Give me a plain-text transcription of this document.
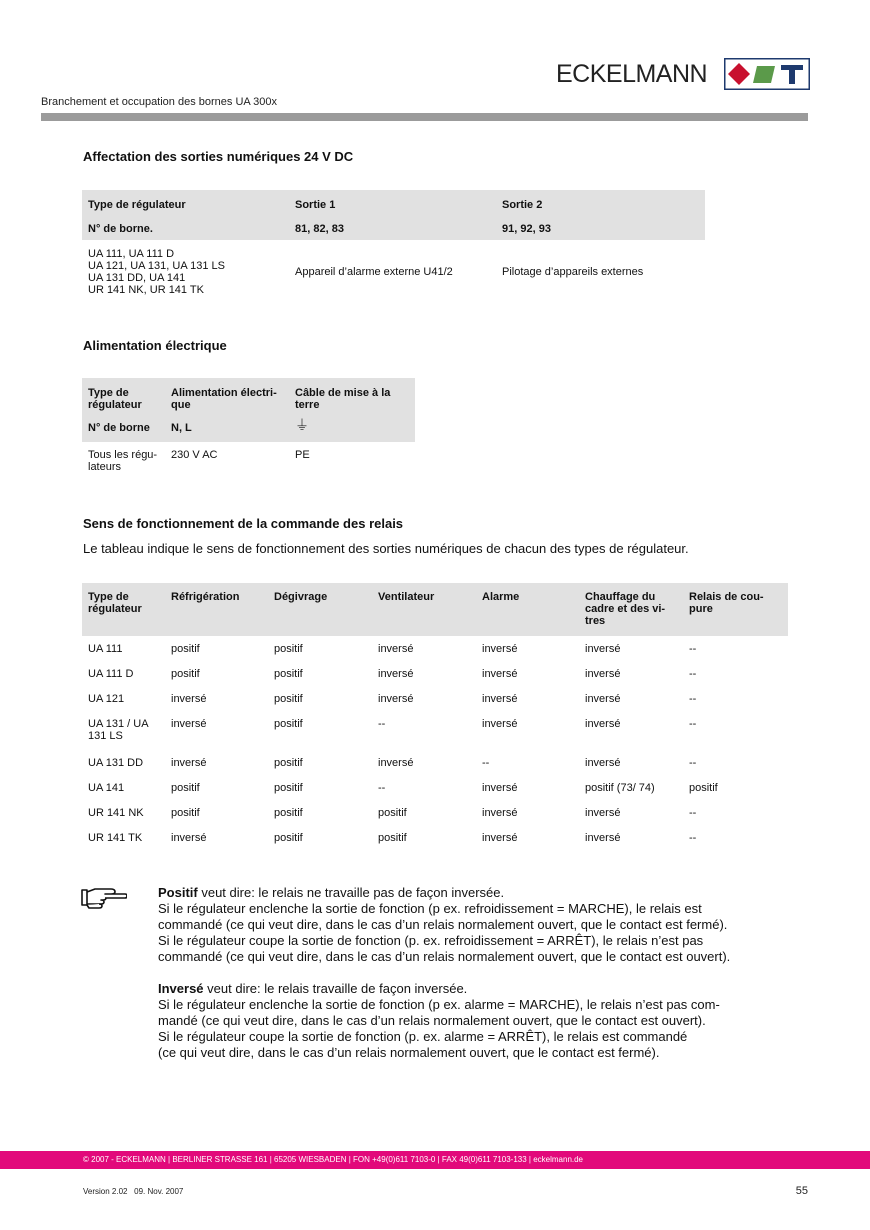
ECKELMANN
Branchement et occupation des bornes UA 300x
Affectation des sorties numériques 24 V DC
Type de régulateur	Sortie 1	Sortie 2
N° de borne.	81, 82, 83	91, 92, 93

UA 111, UA 111 D
UA 121, UA 131, UA 131 LS
UA 131 DD, UA 141
UR 141 NK, UR 141 TK
	Appareil d’alarme externe U41/2	Pilotage d’appareils externes
Alimentation électrique
Type de régulateur	Alimentation électri-que	Câble de mise à la terre
N° de borne	N, L	⏚
Tous les régu-lateurs	230 V AC	PE
Sens de fonctionnement de la commande des relais
Le tableau indique le sens de fonctionnement des sorties numériques de chacun des types de régulateur.
Type de régulateur	Réfrigération	Dégivrage	Ventilateur	Alarme	Chauffage du cadre et des vi-tres	Relais de cou-pure
UA 111	positif	positif	inversé	inversé	inversé	--
UA 111 D	positif	positif	inversé	inversé	inversé	--
UA 121	inversé	positif	inversé	inversé	inversé	--
UA 131 / UA 131 LS	inversé	positif	--	inversé	inversé	--
UA 131 DD	inversé	positif	inversé	--	inversé	--
UA 141	positif	positif	--	inversé	positif (73/ 74)	positif
UR 141 NK	positif	positif	positif	inversé	inversé	--
UR 141 TK	inversé	positif	positif	inversé	inversé	--

Positif veut dire: le relais ne travaille pas de façon inversée.
Si le régulateur enclenche la sortie de fonction (p ex. refroidissement = MARCHE), le relais est
commandé (ce qui veut dire, dans le cas d’un relais normalement ouvert, que le contact est fermé).
Si le régulateur coupe la sortie de fonction (p. ex. refroidissement = ARRÊT), le relais n’est pas
commandé (ce qui veut dire, dans le cas d’un relais normalement ouvert, que le contact est ouvert).

Inversé veut dire: le relais travaille de façon inversée.
Si le régulateur enclenche la sortie de fonction (p ex. alarme = MARCHE), le relais n’est pas com-
mandé (ce qui veut dire, dans le cas d’un relais normalement ouvert, que le contact est ouvert).
Si le régulateur coupe la sortie de fonction (p. ex. alarme = ARRÊT), le relais est commandé
(ce qui veut dire, dans le cas d’un relais normalement ouvert, que le contact est fermé).

© 2007 - ECKELMANN | BERLINER STRASSE 161 | 65205 WIESBADEN | FON +49(0)611 7103-0 | FAX 49(0)611 7103-133 | eckelmann.de
Version 2.02   09. Nov. 2007	55
